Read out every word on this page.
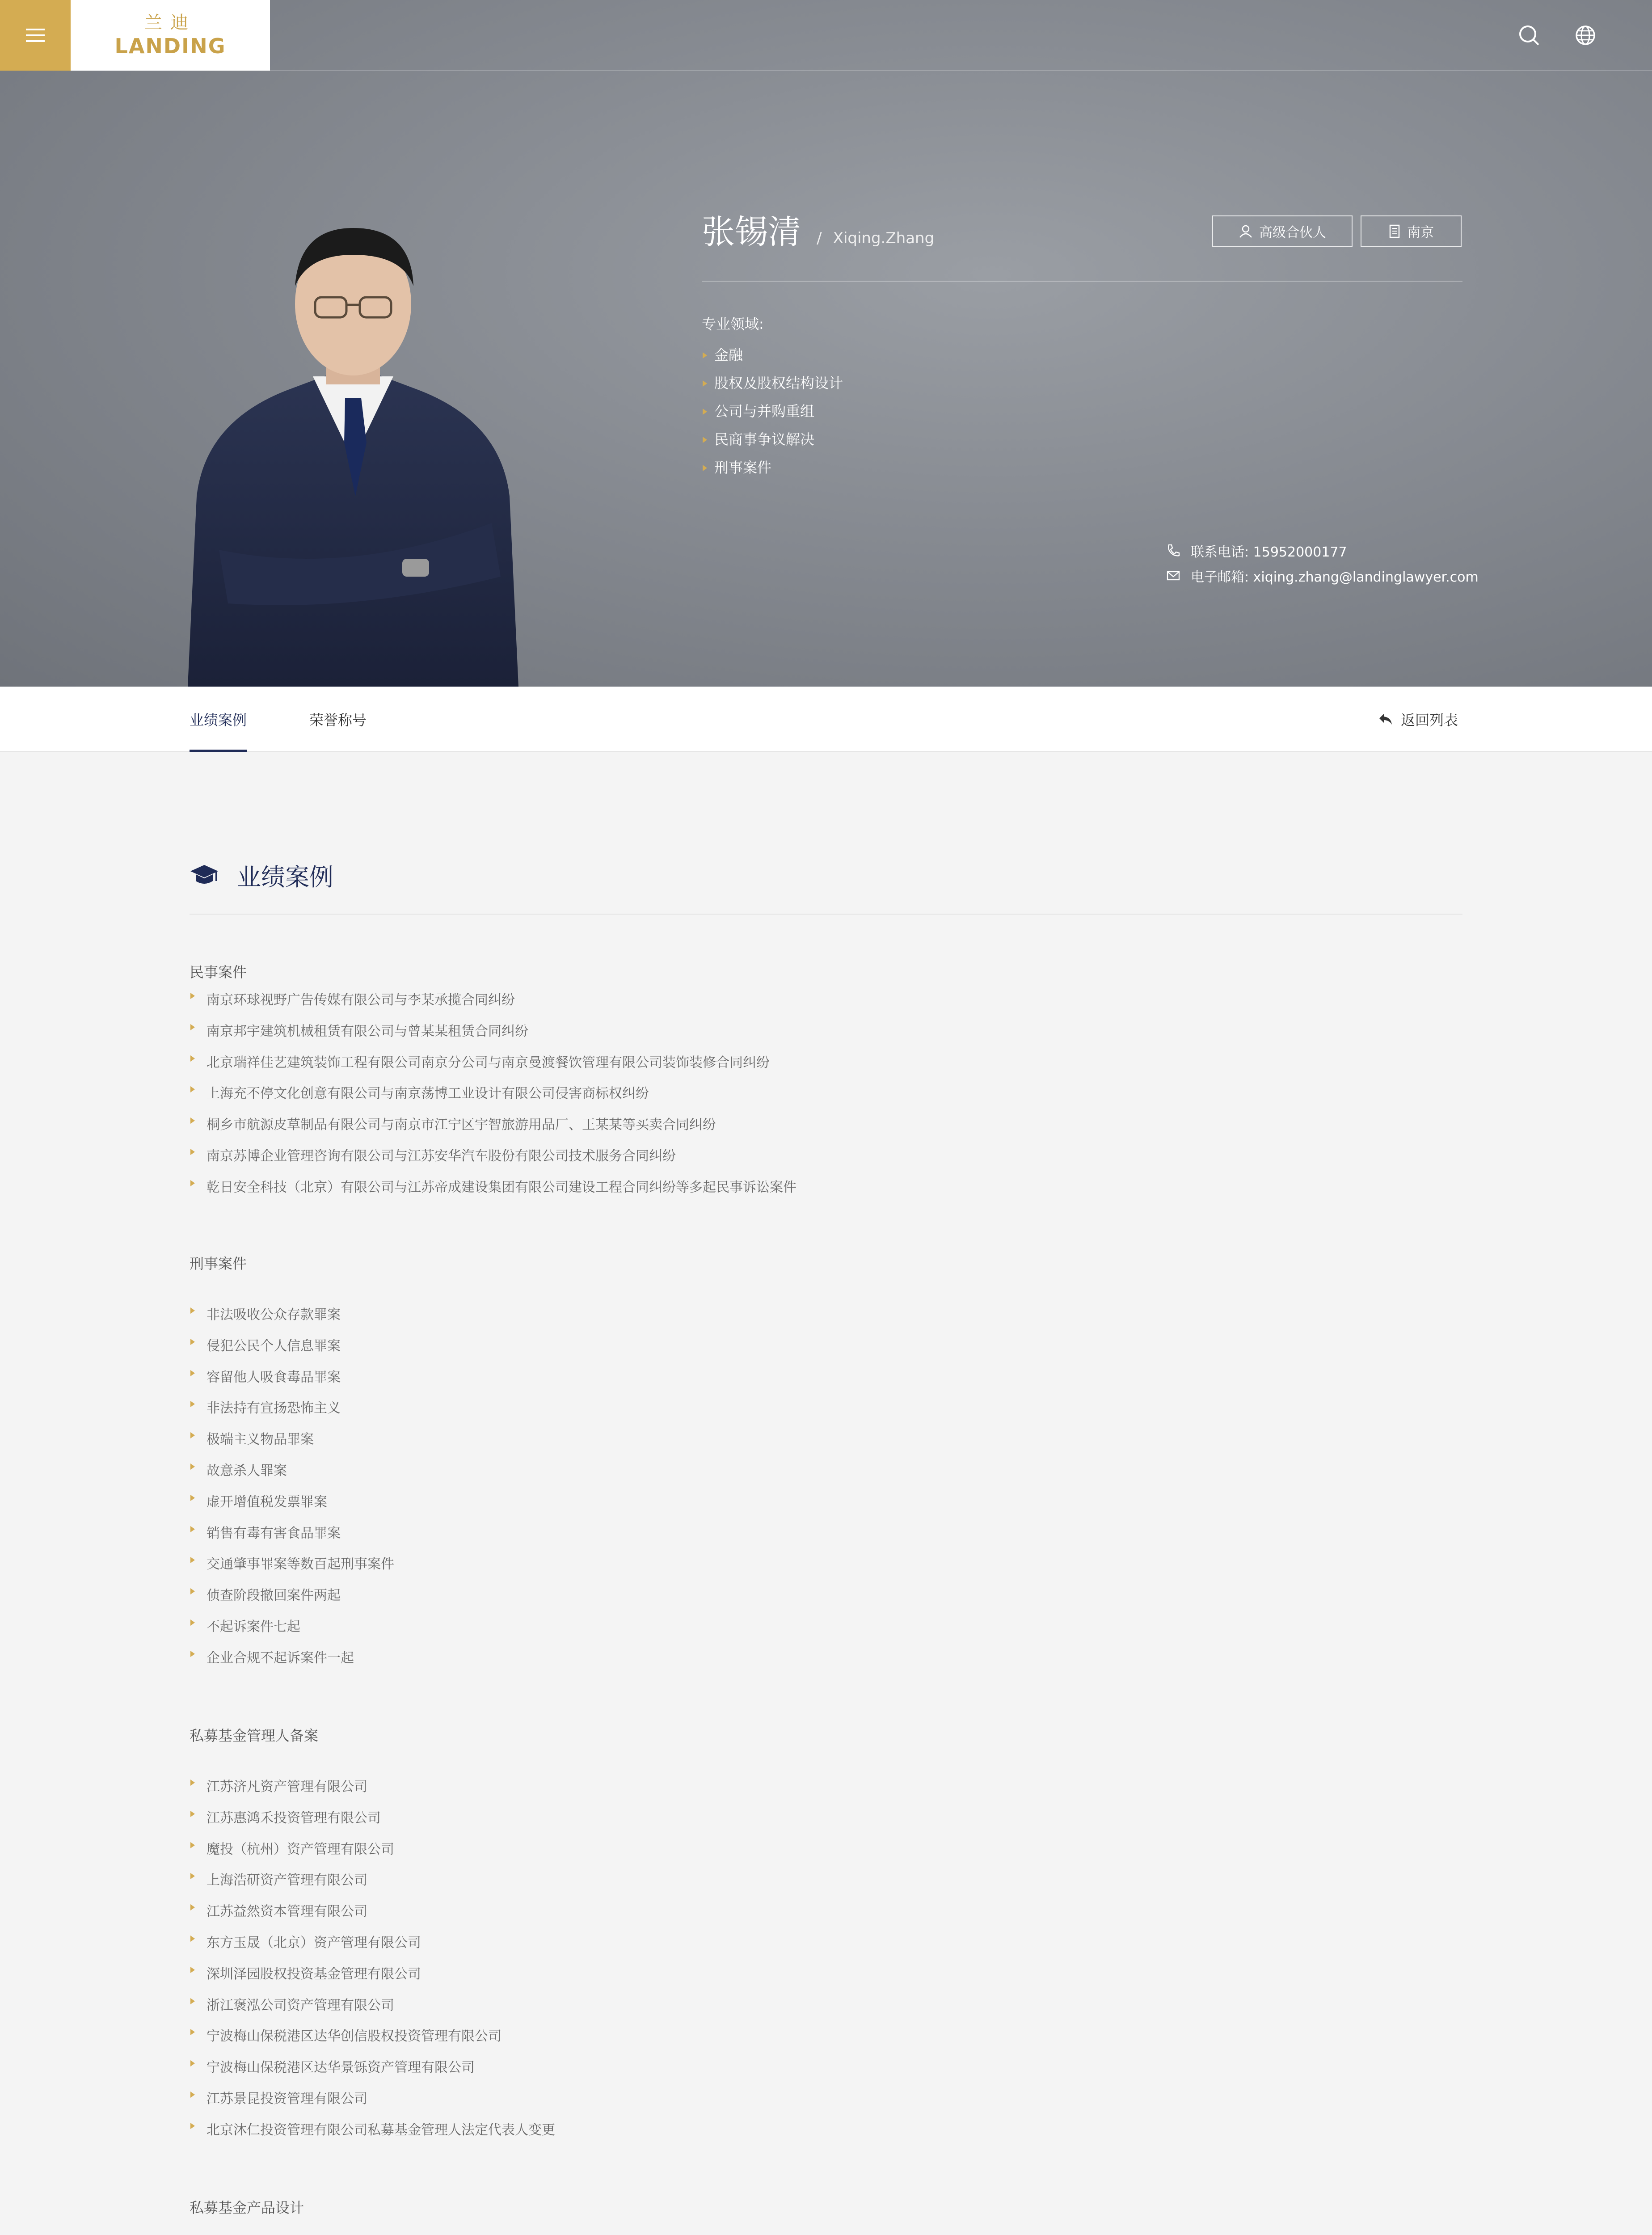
张锡清 / Xiqing.Zhang	高级合伙人	南京
专业领域:
金融
股权及股权结构设计
公司与并购重组
民商事争议解决
刑事案件
联系电话: 15952000177
电子邮箱: xiqing.zhang@landinglawyer.com
兰迪
LANDING
业绩案例	荣誉称号	返回列表
业绩案例
民事案件
南京环球视野广告传媒有限公司与李某承揽合同纠纷
南京邦宇建筑机械租赁有限公司与曾某某租赁合同纠纷
北京瑞祥佳艺建筑装饰工程有限公司南京分公司与南京曼渡餐饮管理有限公司装饰装修合同纠纷
上海充不停文化创意有限公司与南京荡博工业设计有限公司侵害商标权纠纷
桐乡市航源皮草制品有限公司与南京市江宁区宇智旅游用品厂、王某某等买卖合同纠纷
南京苏博企业管理咨询有限公司与江苏安华汽车股份有限公司技术服务合同纠纷
乾日安全科技（北京）有限公司与江苏帝成建设集团有限公司建设工程合同纠纷等多起民事诉讼案件
刑事案件
非法吸收公众存款罪案
侵犯公民个人信息罪案
容留他人吸食毒品罪案
非法持有宣扬恐怖主义
极端主义物品罪案
故意杀人罪案
虚开增值税发票罪案
销售有毒有害食品罪案
交通肇事罪案等数百起刑事案件
侦查阶段撤回案件两起
不起诉案件七起
企业合规不起诉案件一起
私募基金管理人备案
江苏济凡资产管理有限公司
江苏惠鸿禾投资管理有限公司
魔投（杭州）资产管理有限公司
上海浩研资产管理有限公司
江苏益然资本管理有限公司
东方玉晟（北京）资产管理有限公司
深圳泽园股权投资基金管理有限公司
浙江褒泓公司资产管理有限公司
宁波梅山保税港区达华创信股权投资管理有限公司
宁波梅山保税港区达华景铄资产管理有限公司
江苏景昆投资管理有限公司
北京沐仁投资管理有限公司私募基金管理人法定代表人变更
私募基金产品设计
